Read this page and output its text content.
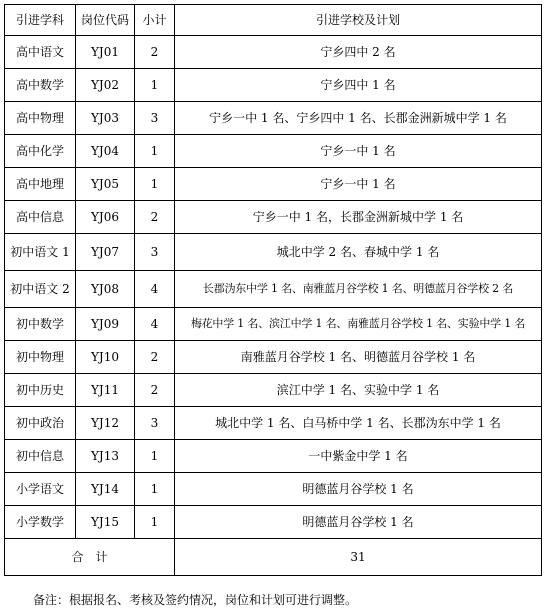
引进学科	岗位代码	小计	引进学校及计划
高中语文	YJ01	2	宁乡四中 2 名
高中数学	YJ02	1	宁乡四中 1 名
高中物理	YJ03	3	宁乡一中 1 名、宁乡四中 1 名、长郡金洲新城中学 1 名
高中化学	YJ04	1	宁乡一中 1 名
高中地理	YJ05	1	宁乡一中 1 名
高中信息	YJ06	2	宁乡一中 1 名，长郡金洲新城中学 1 名
初中语文 1	YJ07	3	城北中学 2 名、春城中学 1 名
初中语文 2	YJ08	4	长郡沩东中学 1 名、南雅蓝月谷学校 1 名、明德蓝月谷学校 2 名
初中数学	YJ09	4	梅花中学 1 名、滨江中学 1 名、南雅蓝月谷学校 1 名、实验中学 1 名
初中物理	YJ10	2	南雅蓝月谷学校 1 名、明德蓝月谷学校 1 名
初中历史	YJ11	2	滨江中学 1 名、实验中学 1 名
初中政治	YJ12	3	城北中学 1 名、白马桥中学 1 名、长郡沩东中学 1 名
初中信息	YJ13	1	一中紫金中学 1 名
小学语文	YJ14	1	明德蓝月谷学校 1 名
小学数学	YJ15	1	明德蓝月谷学校 1 名
合　计			31
备注：根据报名、考核及签约情况，岗位和计划可进行调整。
